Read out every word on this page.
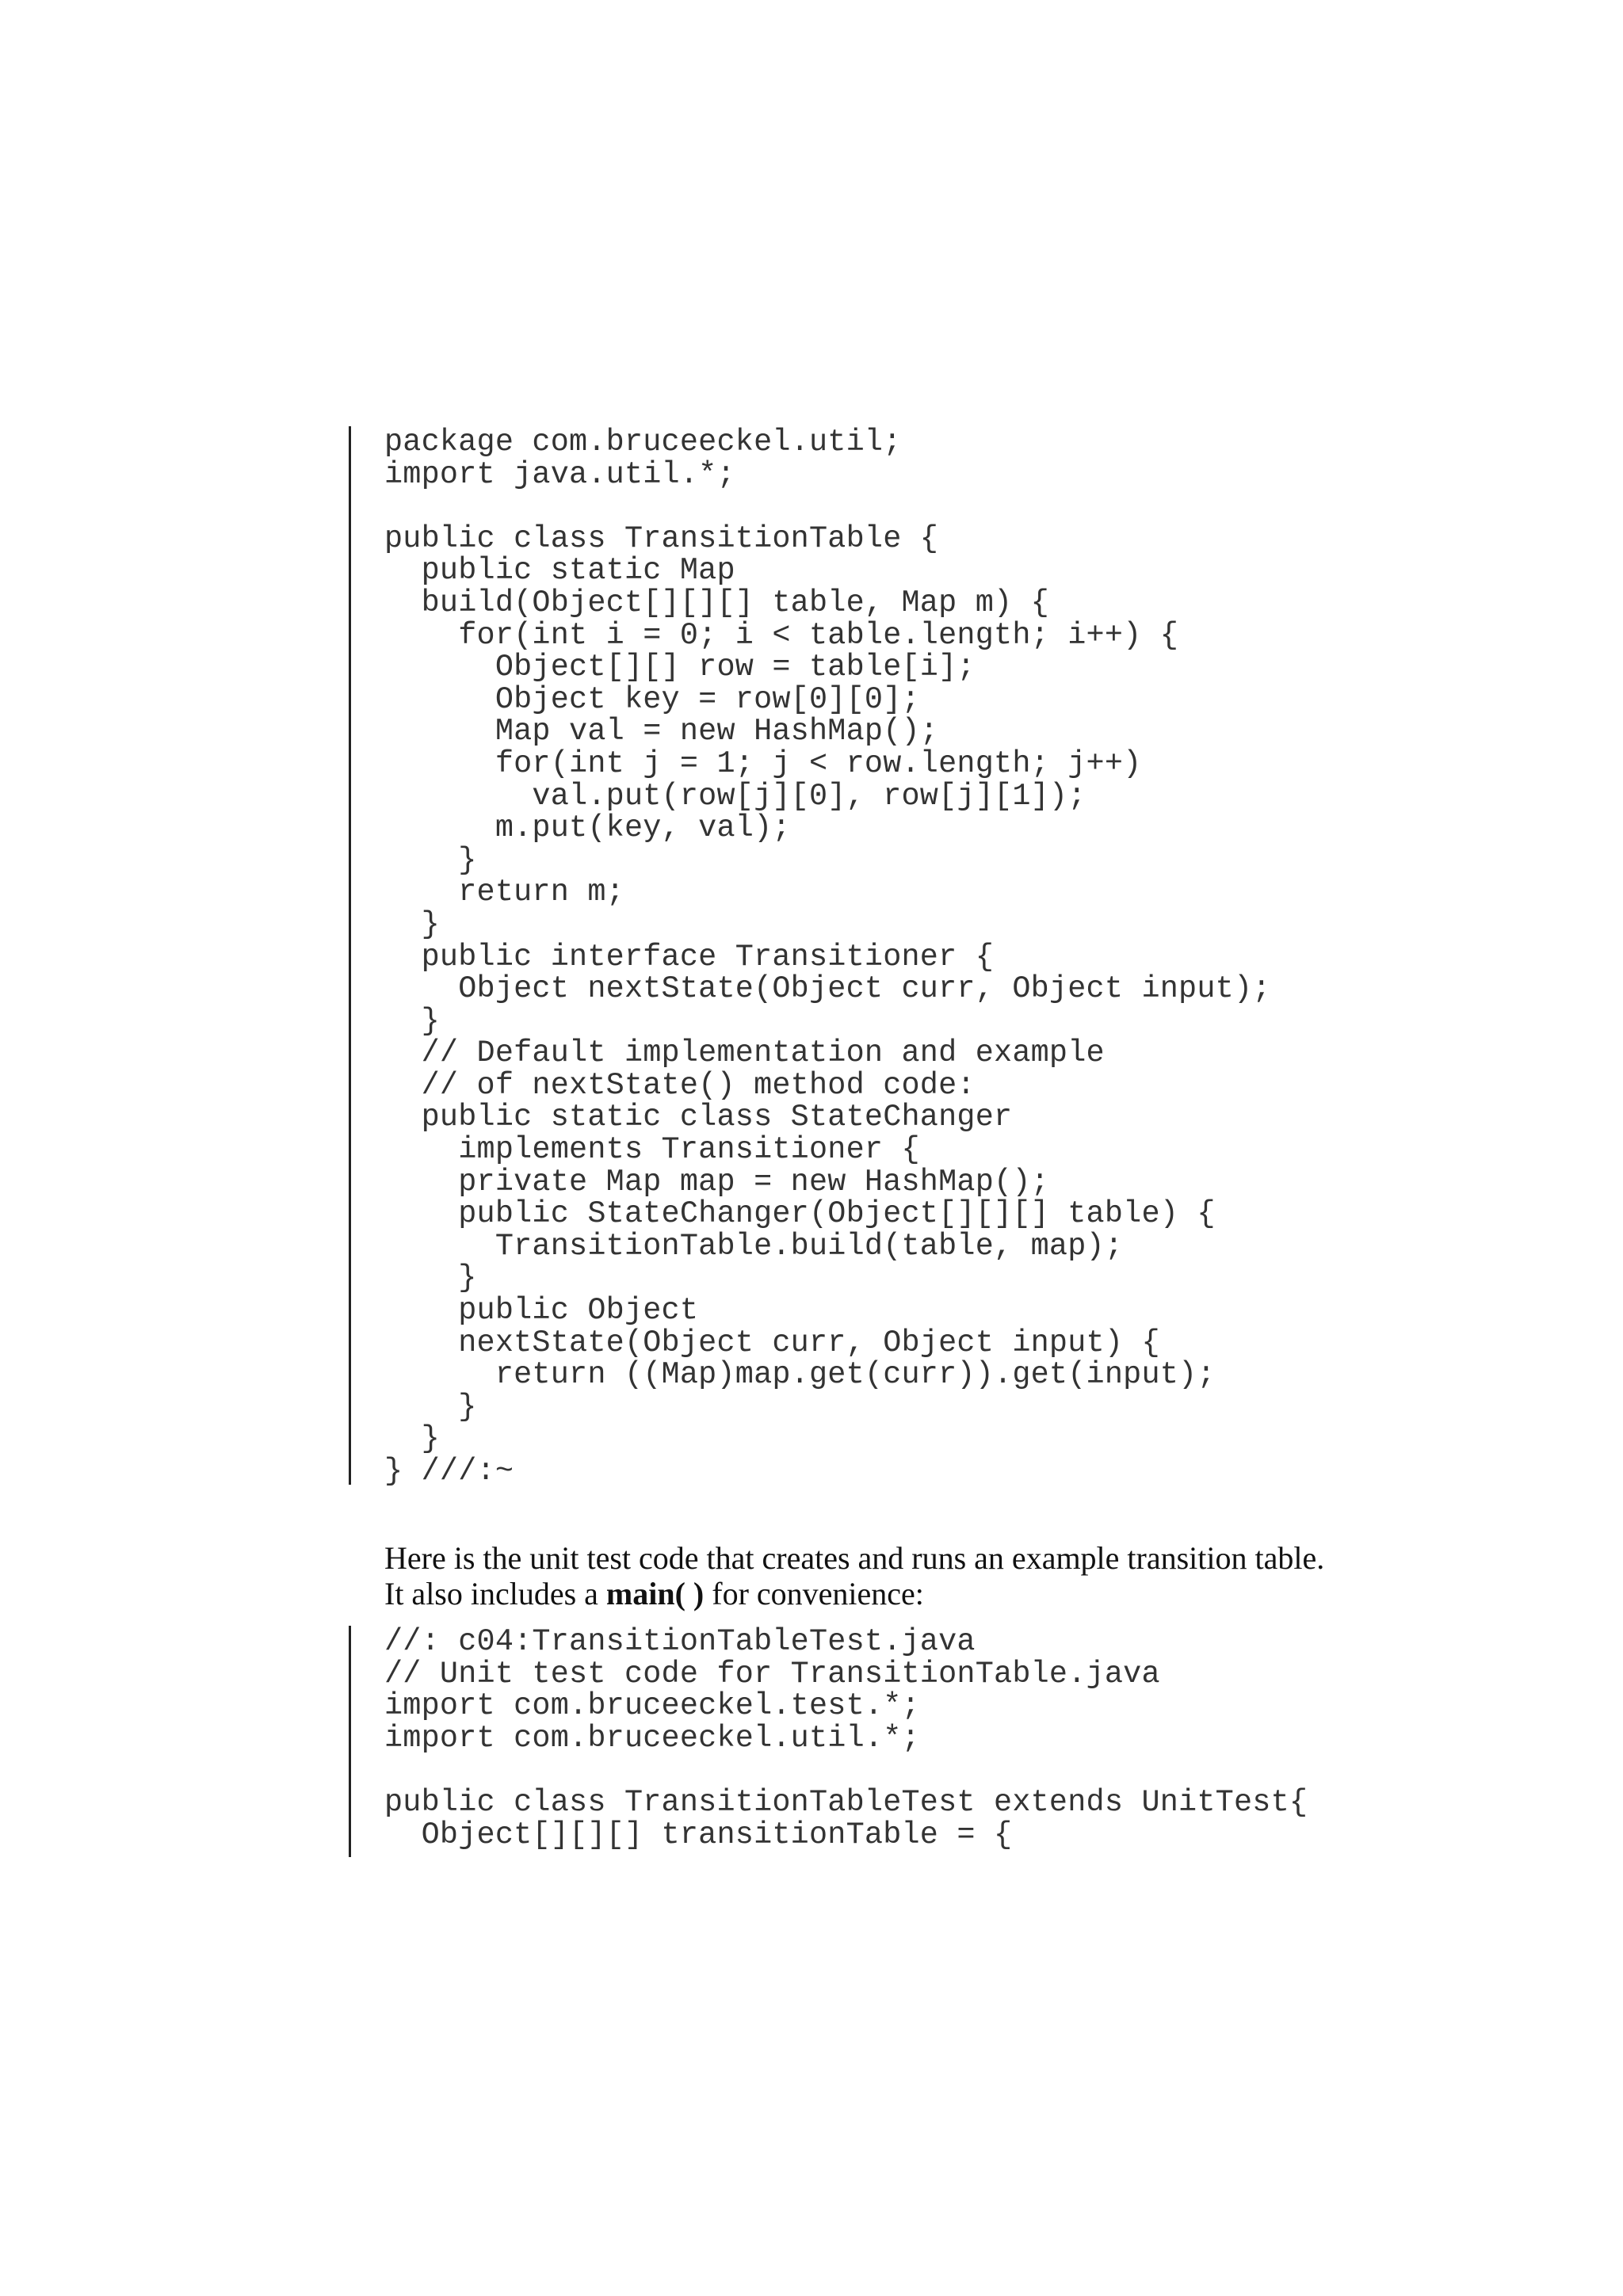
package com.bruceeckel.util;
import java.util.*;
public class TransitionTable {
public static Map
build(Object[][][] table, Map m) {
for(int i = 0; i < table.length; i++) {
Object[][] row = table[i];
Object key = row[0][0];
Map val = new HashMap();
for(int j = 1; j < row.length; j++)
val.put(row[j][0], row[j][1]);
m.put(key, val);
}
return m;
}
public interface Transitioner {
Object nextState(Object curr, Object input);
}
// Default implementation and example
// of nextState() method code:
public static class StateChanger
implements Transitioner {
private Map map = new HashMap();
public StateChanger(Object[][][] table) {
TransitionTable.build(table, map);
}
public Object
nextState(Object curr, Object input) {
return ((Map)map.get(curr)).get(input);
}
}
} ///:~

Here is the unit test code that creates and runs an example transition table. It also includes a main( ) for convenience:

//: c04:TransitionTableTest.java
// Unit test code for TransitionTable.java
import com.bruceeckel.test.*;
import com.bruceeckel.util.*;
public class TransitionTableTest extends UnitTest{
Object[][][] transitionTable = {
